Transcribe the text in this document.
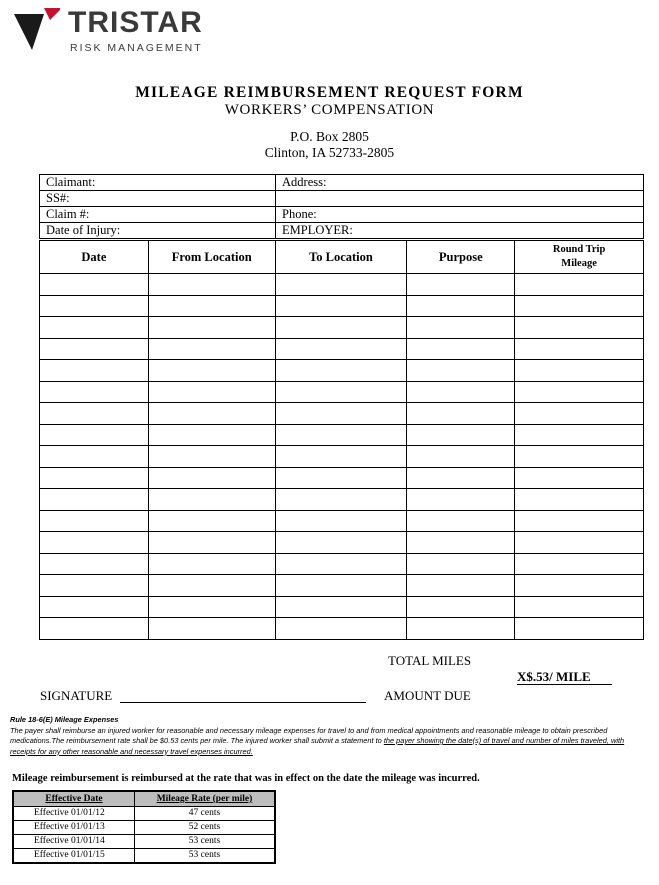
TRISTAR
RISK MANAGEMENT
MILEAGE REIMBURSEMENT REQUEST FORM
WORKERS’ COMPENSATION
P.O. Box 2805
Clinton, IA 52733-2805
Claimant:	Address:
SS#:	
Claim #:	Phone:
Date of Injury:	EMPLOYER:
Date	From Location	To Location	Purpose	Round Trip
Mileage

TOTAL MILES
X$.53/ MILE
SIGNATURE	AMOUNT DUE
Rule 18-6(E) Mileage Expenses
The payer shall reimburse an injured worker for reasonable and necessary mileage expenses for travel to and from medical appointments and reasonable mileage to obtain prescribed medications.The reimbursement rate shall be $0.53 cents per mile. The injured worker shall submit a statement to the payer showing the date(s) of travel and number of miles traveled, with receipts for any other reasonable and necessary travel expenses incurred.
Mileage reimbursement is reimbursed at the rate that was in effect on the date the mileage was incurred.
Effective Date	Mileage Rate (per mile)
Effective 01/01/12	47 cents
Effective 01/01/13	52 cents
Effective 01/01/14	53 cents
Effective 01/01/15	53 cents
